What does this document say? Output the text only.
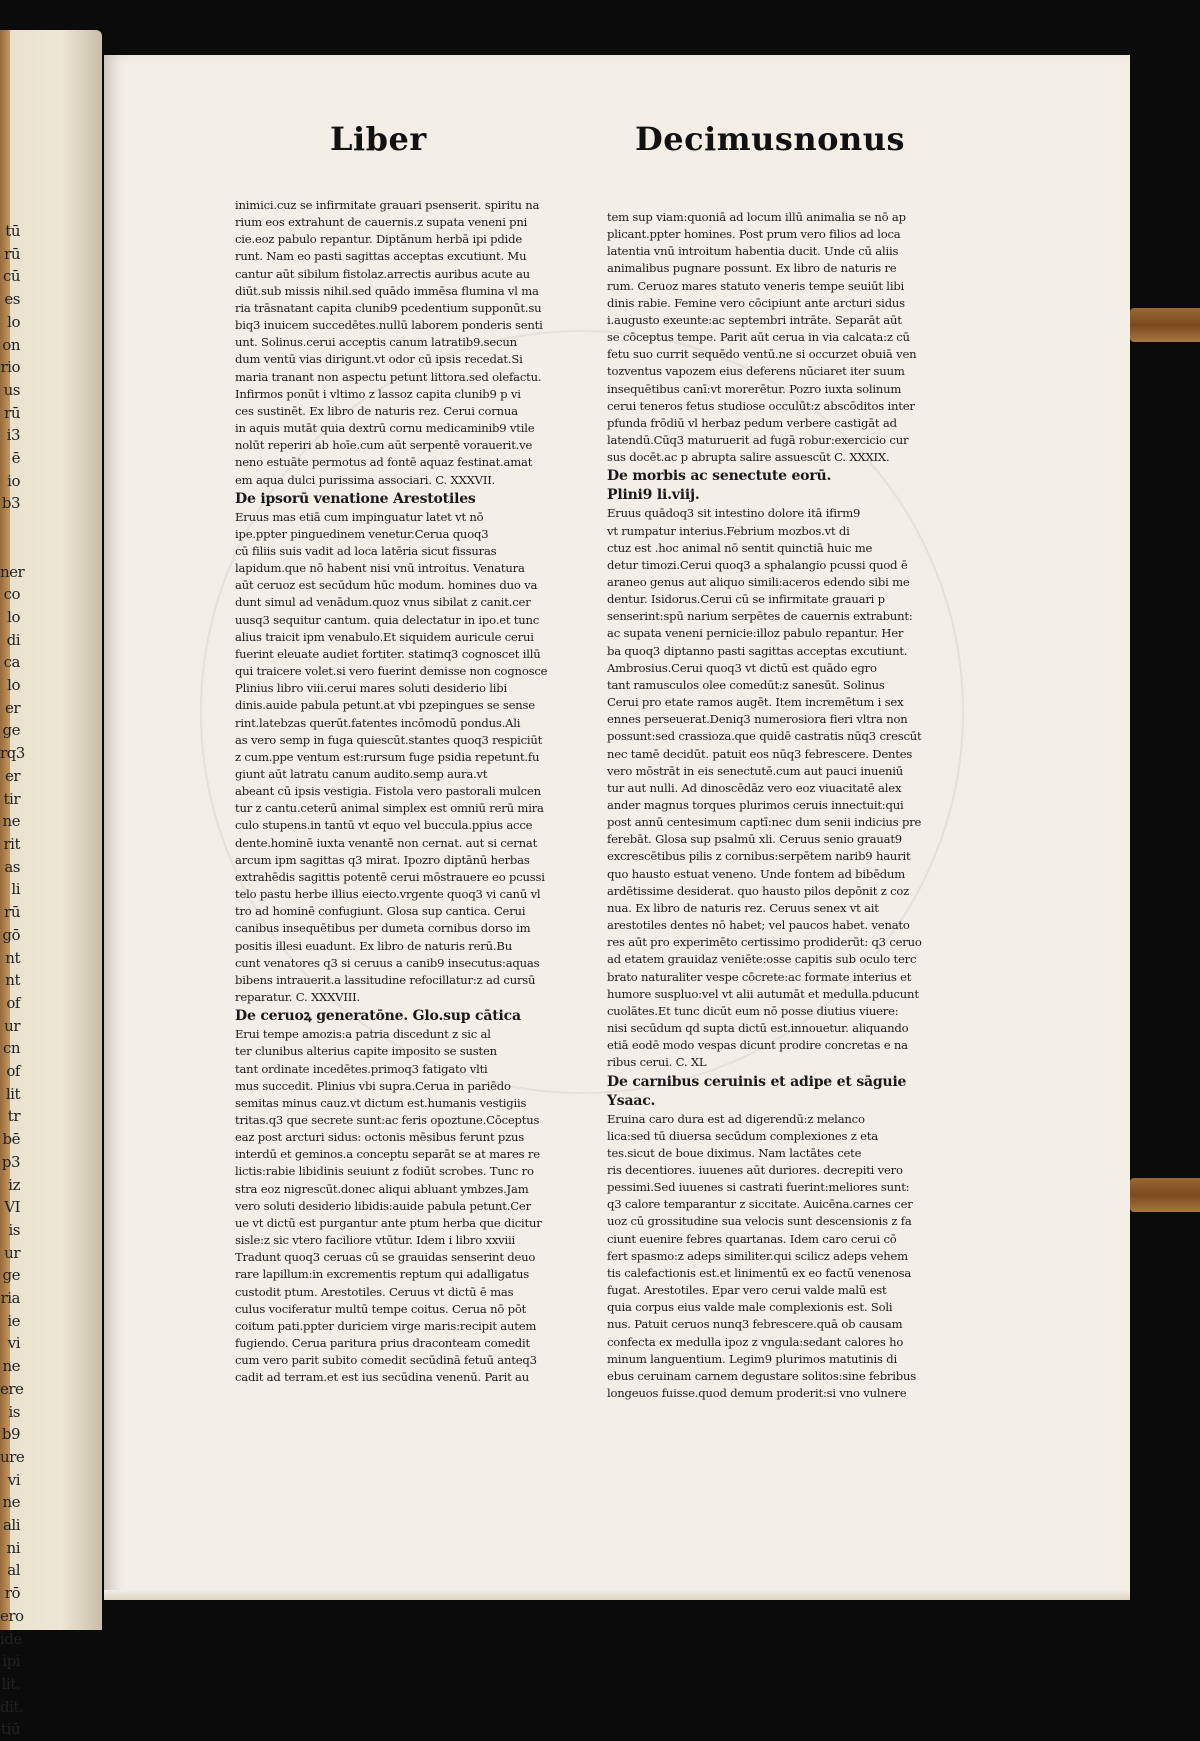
tū
rū
cū
es
lo
on
rio
us
rū
i3
ē
io
b3

ner
co
lo
di
ca
lo
er
ge
rq3
er
tir
ne
rit
as
li
rū
gō
nt
nt
of
ur
cn
of
lit
tr
bē
p3
iz
VI
is
ur
ge
ria
ie
vi
ne
ere
is
b9
ure
vi
ne
ali
ni
al
rō
ero
ide
ipi
lit.
dit.
tiū
Liber	Decimusnonus

inimici.cuz se infirmitate grauari psenserit. spiritu na

rium eos extrahunt de cauernis.z supata veneni pni

cie.eoz pabulo repantur. Diptānum herbā ipi pdide

runt. Nam eo pasti sagittas acceptas excutiunt. Mu

cantur aūt sibilum fistolaz.arrectis auribus acute au

diūt.sub missis nihil.sed quādo immēsa flumina vl ma

ria trāsnatant capita clunib9 pcedentium supponūt.su

biq3 inuicem succedētes.nullū laborem ponderis senti

unt. Solinus.cerui acceptis canum latratib9.secun

dum ventū vias dirigunt.vt odor cū ipsis recedat.Si

maria tranant non aspectu petunt littora.sed olefactu.

Infirmos ponūt i vltimo z lassoz capita clunib9 p vi

ces sustinēt. Ex libro de naturis rez. Cerui cornua

in aquis mutāt quia dextrū cornu medicaminib9 vtile

nolūt reperiri ab hoīe.cum aūt serpentē vorauerit.ve

neno estuāte permotus ad fontē aquaz festinat.amat

em aqua dulci purissima associari. C. XXXVII.

De ipsorū venatione Arestotiles

Eruus mas etiā cum impinguatur latet vt nō

ipe.ppter pinguedinem venetur.Cerua quoq3

cū filiis suis vadit ad loca latēria sicut fissuras

lapidum.que nō habent nisi vnū introitus. Venatura

aūt ceruoz est secūdum hūc modum. homines duo va

dunt simul ad venādum.quoz vnus sibilat z canit.cer

uusq3 sequitur cantum. quia delectatur in ipo.et tunc

alius traicit ipm venabulo.Et siquidem auricule cerui

fuerint eleuate audiet fortiter. statimq3 cognoscet illū

qui traicere volet.si vero fuerint demisse non cognosce

Plinius libro viii.cerui mares soluti desiderio libi

dinis.auide pabula petunt.at vbi pzepingues se sense

rint.latebzas querūt.fatentes incōmodū pondus.Ali

as vero semp in fuga quiescūt.stantes quoq3 respiciūt

z cum.ppe ventum est:rursum fuge psidia repetunt.fu

giunt aūt latratu canum audito.semp aura.vt

abeant cū ipsis vestigia. Fistola vero pastorali mulcen

tur z cantu.ceterū animal simplex est omniū rerū mira

culo stupens.in tantū vt equo vel buccula.ppius acce

dente.hominē iuxta venantē non cernat. aut si cernat

arcum ipm sagittas q3 mirat. Ipozro diptānū herbas

extrahēdis sagittis potentē cerui mōstrauere eo pcussi

telo pastu herbe illius eiecto.vrgente quoq3 vi canū vl

tro ad hominē confugiunt. Glosa sup cantica. Cerui

canibus insequētibus per dumeta cornibus dorso im

positis illesi euadunt. Ex libro de naturis rerū.Bu

cunt venatores q3 si ceruus a canib9 insecutus:aquas

bibens intrauerit.a lassitudine refocillatur:z ad cursū

reparatur. C. XXXVIII.

De ceruoꝝ generatōne. Glo.sup cātica

Erui tempe amozis:a patria discedunt z sic al

ter clunibus alterius capite imposito se susten

tant ordinate incedētes.primoq3 fatigato vlti

mus succedit. Plinius vbi supra.Cerua in pariēdo

semitas minus cauz.vt dictum est.humanis vestigiis

tritas.q3 que secrete sunt:ac feris opoztune.Cōceptus

eaz post arcturi sidus: octonis mēsibus ferunt pzus

interdū et geminos.a conceptu separāt se at mares re

lictis:rabie libidinis seuiunt z fodiūt scrobes. Tunc ro

stra eoz nigrescūt.donec aliqui abluant ymbzes.Jam

vero soluti desiderio libidis:auide pabula petunt.Cer

ue vt dictū est purgantur ante ptum herba que dicitur

sisle:z sic vtero faciliore vtūtur. Idem i libro xxviii

Tradunt quoq3 ceruas cū se grauidas senserint deuo

rare lapillum:in excrementis reptum qui adalligatus

custodit ptum. Arestotiles. Ceruus vt dictū ē mas

culus vociferatur multū tempe coitus. Cerua nō pōt

coitum pati.ppter duriciem virge maris:recipit autem

fugiendo. Cerua paritura prius draconteam comedit

cum vero parit subito comedit secūdinā fetuū anteq3

cadit ad terram.et est ius secūdina venenū. Parit au

tem sup viam:quoniā ad locum illū animalia se nō ap

plicant.ppter homines. Post prum vero filios ad loca

latentia vnū introitum habentia ducit. Unde cū aliis

animalibus pugnare possunt. Ex libro de naturis re

rum. Ceruoz mares statuto veneris tempe seuiūt libi

dinis rabie. Femine vero cōcipiunt ante arcturi sidus

i.augusto exeunte:ac septembri intrāte. Separāt aūt

se cōceptus tempe. Parit aūt cerua in via calcata:z cū

fetu suo currit sequēdo ventū.ne si occurzet obuiā ven

tozventus vapozem eius deferens nūciaret iter suum

insequētibus canī:vt morerētur. Pozro iuxta solinum

cerui teneros fetus studiose occulūt:z abscōditos inter

pfunda frōdiū vl herbaz pedum verbere castigāt ad

latendū.Cūq3 maturuerit ad fugā robur:exercicio cur

sus docēt.ac p abrupta salire assuescūt C. XXXIX.

De morbis ac senectute eorū.
Plini9 li.viij.

Eruus quādoq3 sit intestino dolore itā ifirm9

vt rumpatur interius.Febrium mozbos.vt di

ctuz est .hoc animal nō sentit quinctiā huic me

detur timozi.Cerui quoq3 a sphalangio pcussi quod ē

araneo genus aut aliquo simili:aceros edendo sibi me

dentur. Isidorus.Cerui cū se infirmitate grauari p

senserint:spū narium serpētes de cauernis extrabunt:

ac supata veneni pernicie:illoz pabulo repantur. Her

ba quoq3 diptanno pasti sagittas acceptas excutiunt.

Ambrosius.Cerui quoq3 vt dictū est quādo egro

tant ramusculos olee comedūt:z sanesūt. Solinus

Cerui pro etate ramos augēt. Item incremētum i sex

ennes perseuerat.Deniq3 numerosiora fieri vltra non

possunt:sed crassioza.que quidē castratis nūq3 crescūt

nec tamē decidūt. patuit eos nūq3 febrescere. Dentes

vero mōstrāt in eis senectutē.cum aut pauci inueniū

tur aut nulli. Ad dinoscēdāz vero eoz viuacitatē alex

ander magnus torques plurimos ceruis innectuit:qui

post annū centesimum captī:nec dum senii indicius pre

ferebāt. Glosa sup psalmū xli. Ceruus senio grauat9

excrescētibus pilis z cornibus:serpētem narib9 haurit

quo hausto estuat veneno. Unde fontem ad bibēdum

ardētissime desiderat. quo hausto pilos depōnit z coz

nua. Ex libro de naturis rez. Ceruus senex vt ait

arestotiles dentes nō habet; vel paucos habet. venato

res aūt pro experimēto certissimo prodiderūt: q3 ceruo

ad etatem grauidaz veniēte:osse capitis sub oculo terc

brato naturaliter vespe cōcrete:ac formate interius et

humore suspluo:vel vt alii autumāt et medulla.pducunt

cuolātes.Et tunc dicūt eum nō posse diutius viuere:

nisi secūdum qd supta dictū est.innouetur. aliquando

etiā eodē modo vespas dicunt prodire concretas e na

ribus cerui. C. XL

De carnibus ceruinis et adipe et sāguie
Ysaac.

Eruina caro dura est ad digerendū:z melanco

lica:sed tū diuersa secūdum complexiones z eta

tes.sicut de boue diximus. Nam lactātes cete

ris decentiores. iuuenes aūt duriores. decrepiti vero

pessimi.Sed iuuenes si castrati fuerint:meliores sunt:

q3 calore temparantur z siccitate. Auicēna.carnes cer

uoz cū grossitudine sua velocis sunt descensionis z fa

ciunt euenire febres quartanas. Idem caro cerui cō

fert spasmo:z adeps similiter.qui scilicz adeps vehem

tis calefactionis est.et linimentū ex eo factū venenosa

fugat. Arestotiles. Epar vero cerui valde malū est

quia corpus eius valde male complexionis est. Soli

nus. Patuit ceruos nunq3 febrescere.quā ob causam

confecta ex medulla ipoz z vngula:sedant calores ho

minum languentium. Legim9 plurimos matutinis di

ebus ceruinam carnem degustare solitos:sine febribus

longeuos fuisse.quod demum proderit:si vno vulnere
